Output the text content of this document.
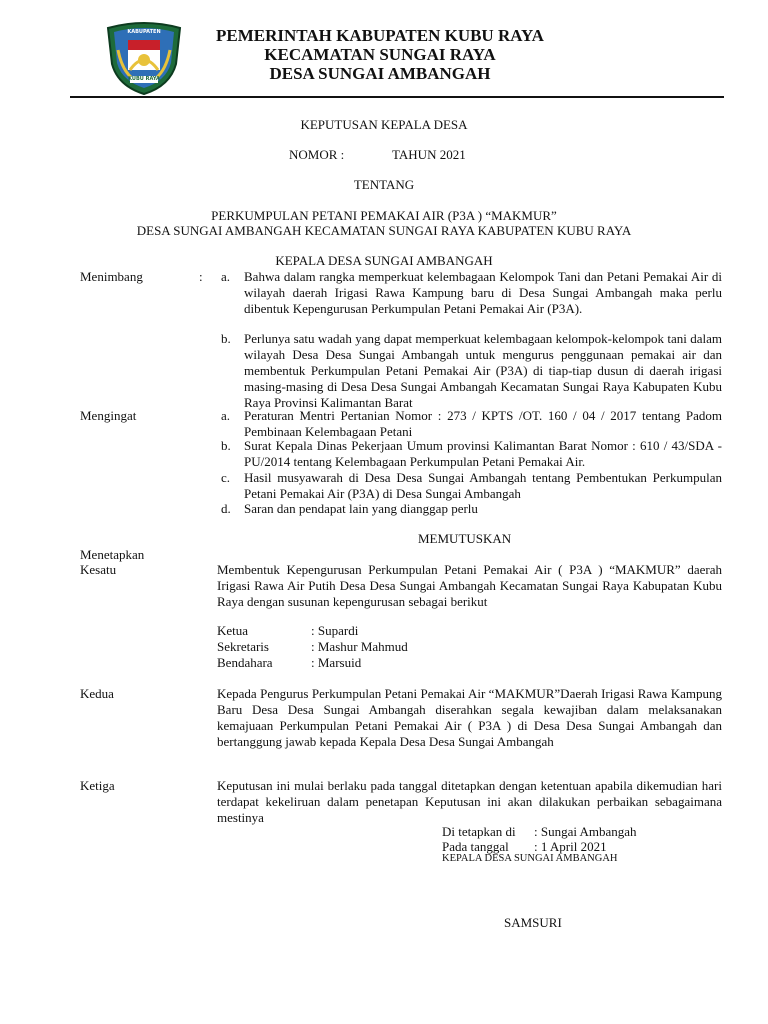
KABUPATEN
KUBU RAYA
PEMERINTAH KABUPATEN KUBU RAYA
KECAMATAN SUNGAI RAYA
DESA SUNGAI AMBANGAH
KEPUTUSAN KEPALA DESA
NOMOR :	TAHUN 2021
TENTANG
PERKUMPULAN PETANI PEMAKAI AIR (P3A ) “MAKMUR”
DESA SUNGAI AMBANGAH KECAMATAN SUNGAI RAYA KABUPATEN KUBU RAYA
KEPALA DESA SUNGAI AMBANGAH
Menimbang	: a. Bahwa dalam rangka memperkuat kelembagaan Kelompok Tani dan Petani Pemakai Air di wilayah daerah Irigasi Rawa Kampung baru di Desa Sungai Ambangah maka perlu dibentuk Kepengurusan Perkumpulan Petani Pemakai Air (P3A).
b. Perlunya satu wadah yang dapat memperkuat kelembagaan kelompok-kelompok tani dalam wilayah Desa Desa Sungai Ambangah untuk mengurus penggunaan pemakai air dan membentuk Perkumpulan Petani Pemakai Air (P3A) di tiap-tiap dusun di daerah irigasi masing-masing di Desa Desa Sungai Ambangah Kecamatan Sungai Raya Kabupaten Kubu Raya Provinsi Kalimantan Barat
Mengingat	a. Peraturan Mentri Pertanian Nomor : 273 / KPTS /OT. 160 / 04 / 2017 tentang Padom Pembinaan Kelembagaan Petani
b. Surat Kepala Dinas Pekerjaan Umum provinsi Kalimantan Barat Nomor : 610 / 43/SDA - PU/2014 tentang Kelembagaan Perkumpulan Petani Pemakai Air.
c. Hasil musyawarah di Desa Desa Sungai Ambangah tentang Pembentukan Perkumpulan Petani Pemakai Air (P3A) di Desa Sungai Ambangah
d. Saran dan pendapat lain yang dianggap perlu
MEMUTUSKAN
Menetapkan
Kesatu	Membentuk Kepengurusan Perkumpulan Petani Pemakai Air ( P3A ) “MAKMUR” daerah Irigasi Rawa Air Putih Desa Desa Sungai Ambangah Kecamatan Sungai Raya Kabupatan Kubu Raya dengan susunan kepengurusan sebagai berikut
Ketua	: Supardi
Sekretaris	: Mashur Mahmud
Bendahara	: Marsuid
Kedua	Kepada Pengurus Perkumpulan Petani Pemakai Air “MAKMUR”Daerah Irigasi Rawa Kampung Baru Desa Desa Sungai Ambangah diserahkan segala kewajiban dalam melaksanakan kemajuaan Perkumpulan Petani Pemakai Air ( P3A ) di Desa Desa Sungai Ambangah dan bertanggung jawab kepada Kepala Desa Desa Sungai Ambangah
Ketiga	Keputusan ini mulai berlaku pada tanggal ditetapkan dengan ketentuan apabila dikemudian hari terdapat kekeliruan dalam penetapan Keputusan ini akan dilakukan perbaikan sebagaimana mestinya
Di tetapkan di : Sungai Ambangah
Pada tanggal : 1 April 2021
KEPALA DESA SUNGAI AMBANGAH
SAMSURI
